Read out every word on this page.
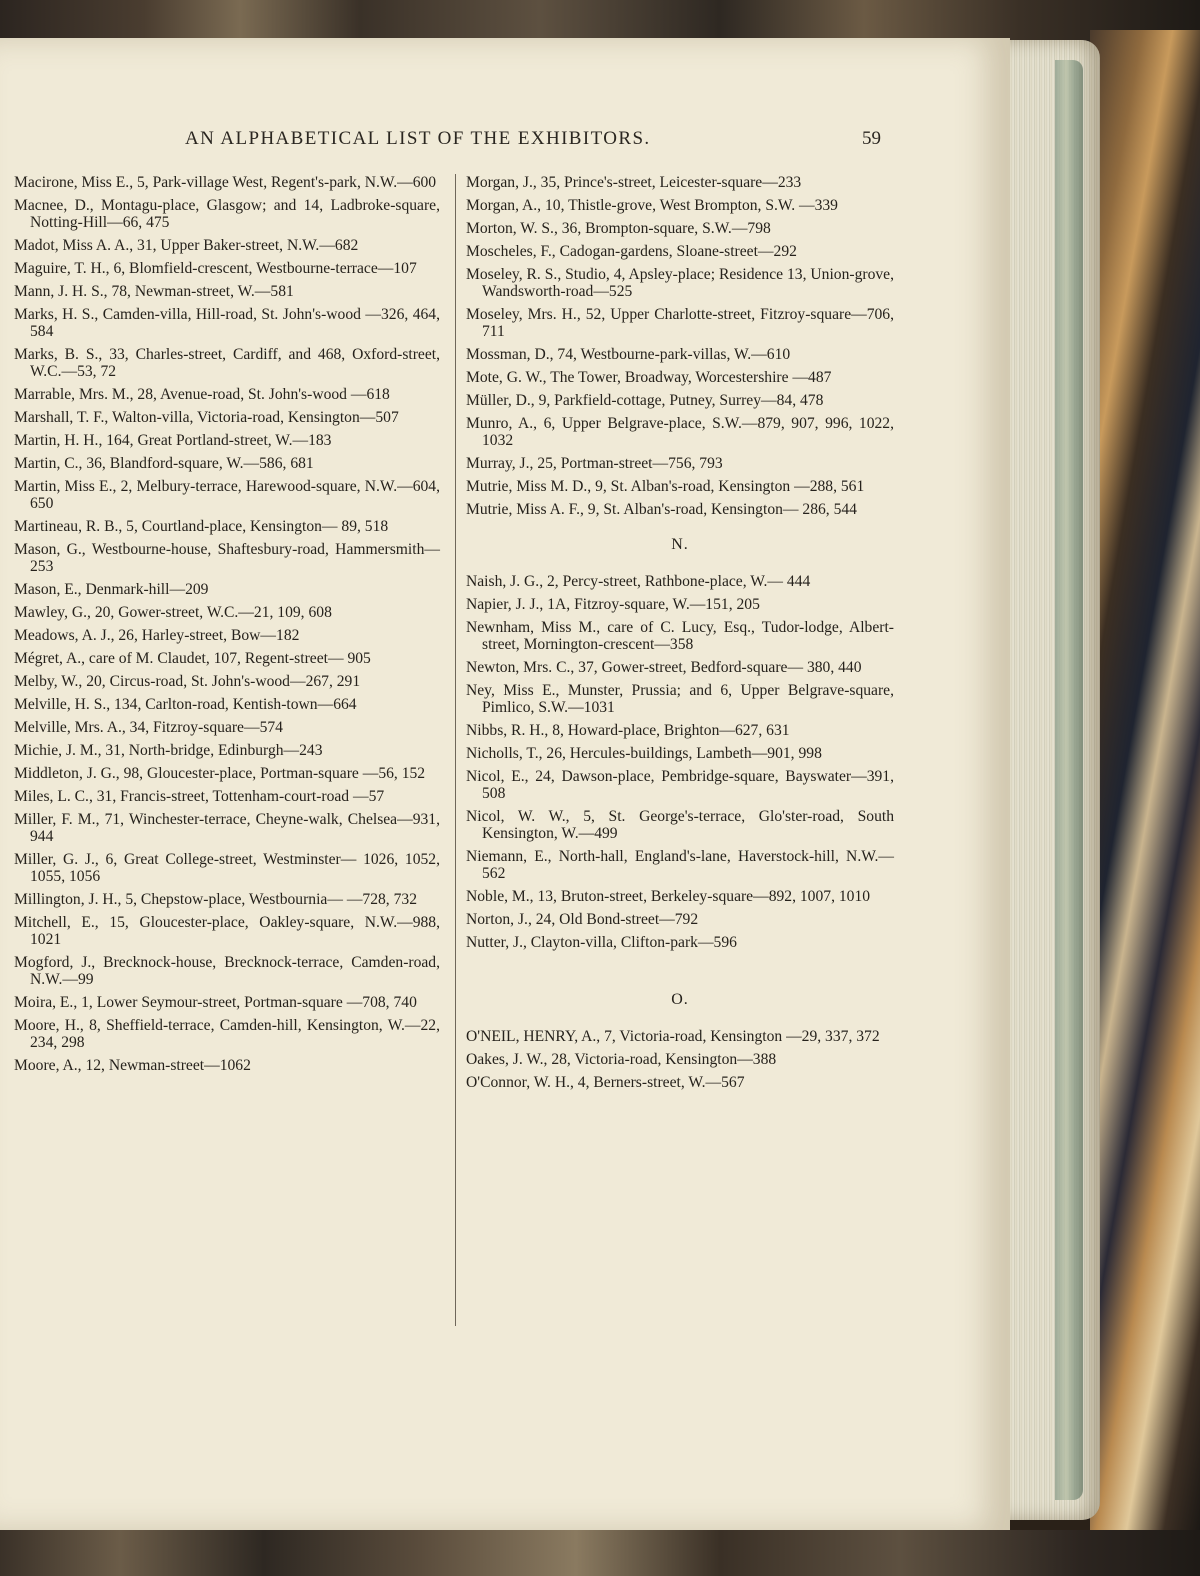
AN ALPHABETICAL LIST OF THE EXHIBITORS.	59

Macirone, Miss E., 5, Park-village West, Regent's-park, N.W.—600

Macnee, D., Montagu-place, Glasgow; and 14, Ladbroke-square, Notting-Hill—66, 475

Madot, Miss A. A., 31, Upper Baker-street, N.W.—682

Maguire, T. H., 6, Blomfield-crescent, Westbourne-terrace—107

Mann, J. H. S., 78, Newman-street, W.—581

Marks, H. S., Camden-villa, Hill-road, St. John's-wood —326, 464, 584

Marks, B. S., 33, Charles-street, Cardiff, and 468, Oxford-street, W.C.—53, 72

Marrable, Mrs. M., 28, Avenue-road, St. John's-wood —618

Marshall, T. F., Walton-villa, Victoria-road, Kensington—507

Martin, H. H., 164, Great Portland-street, W.—183

Martin, C., 36, Blandford-square, W.—586, 681

Martin, Miss E., 2, Melbury-terrace, Harewood-square, N.W.—604, 650

Martineau, R. B., 5, Courtland-place, Kensington— 89, 518

Mason, G., Westbourne-house, Shaftesbury-road, Hammersmith—253

Mason, E., Denmark-hill—209

Mawley, G., 20, Gower-street, W.C.—21, 109, 608

Meadows, A. J., 26, Harley-street, Bow—182

Mégret, A., care of M. Claudet, 107, Regent-street— 905

Melby, W., 20, Circus-road, St. John's-wood—267, 291

Melville, H. S., 134, Carlton-road, Kentish-town—664

Melville, Mrs. A., 34, Fitzroy-square—574

Michie, J. M., 31, North-bridge, Edinburgh—243

Middleton, J. G., 98, Gloucester-place, Portman-square —56, 152

Miles, L. C., 31, Francis-street, Tottenham-court-road —57

Miller, F. M., 71, Winchester-terrace, Cheyne-walk, Chelsea—931, 944

Miller, G. J., 6, Great College-street, Westminster— 1026, 1052, 1055, 1056

Millington, J. H., 5, Chepstow-place, Westbournia— —728, 732

Mitchell, E., 15, Gloucester-place, Oakley-square, N.W.—988, 1021

Mogford, J., Brecknock-house, Brecknock-terrace, Camden-road, N.W.—99

Moira, E., 1, Lower Seymour-street, Portman-square —708, 740

Moore, H., 8, Sheffield-terrace, Camden-hill, Kensington, W.—22, 234, 298

Moore, A., 12, Newman-street—1062

Morgan, J., 35, Prince's-street, Leicester-square—233

Morgan, A., 10, Thistle-grove, West Brompton, S.W. —339

Morton, W. S., 36, Brompton-square, S.W.—798

Moscheles, F., Cadogan-gardens, Sloane-street—292

Moseley, R. S., Studio, 4, Apsley-place; Residence 13, Union-grove, Wandsworth-road—525

Moseley, Mrs. H., 52, Upper Charlotte-street, Fitzroy-square—706, 711

Mossman, D., 74, Westbourne-park-villas, W.—610

Mote, G. W., The Tower, Broadway, Worcestershire —487

Müller, D., 9, Parkfield-cottage, Putney, Surrey—84, 478

Munro, A., 6, Upper Belgrave-place, S.W.—879, 907, 996, 1022, 1032

Murray, J., 25, Portman-street—756, 793

Mutrie, Miss M. D., 9, St. Alban's-road, Kensington —288, 561

Mutrie, Miss A. F., 9, St. Alban's-road, Kensington— 286, 544

N.

Naish, J. G., 2, Percy-street, Rathbone-place, W.— 444

Napier, J. J., 1A, Fitzroy-square, W.—151, 205

Newnham, Miss M., care of C. Lucy, Esq., Tudor-lodge, Albert-street, Mornington-crescent—358

Newton, Mrs. C., 37, Gower-street, Bedford-square— 380, 440

Ney, Miss E., Munster, Prussia; and 6, Upper Belgrave-square, Pimlico, S.W.—1031

Nibbs, R. H., 8, Howard-place, Brighton—627, 631

Nicholls, T., 26, Hercules-buildings, Lambeth—901, 998

Nicol, E., 24, Dawson-place, Pembridge-square, Bayswater—391, 508

Nicol, W. W., 5, St. George's-terrace, Glo'ster-road, South Kensington, W.—499

Niemann, E., North-hall, England's-lane, Haverstock-hill, N.W.—562

Noble, M., 13, Bruton-street, Berkeley-square—892, 1007, 1010

Norton, J., 24, Old Bond-street—792

Nutter, J., Clayton-villa, Clifton-park—596

O.

O'NEIL, HENRY, A., 7, Victoria-road, Kensington —29, 337, 372

Oakes, J. W., 28, Victoria-road, Kensington—388

O'Connor, W. H., 4, Berners-street, W.—567
